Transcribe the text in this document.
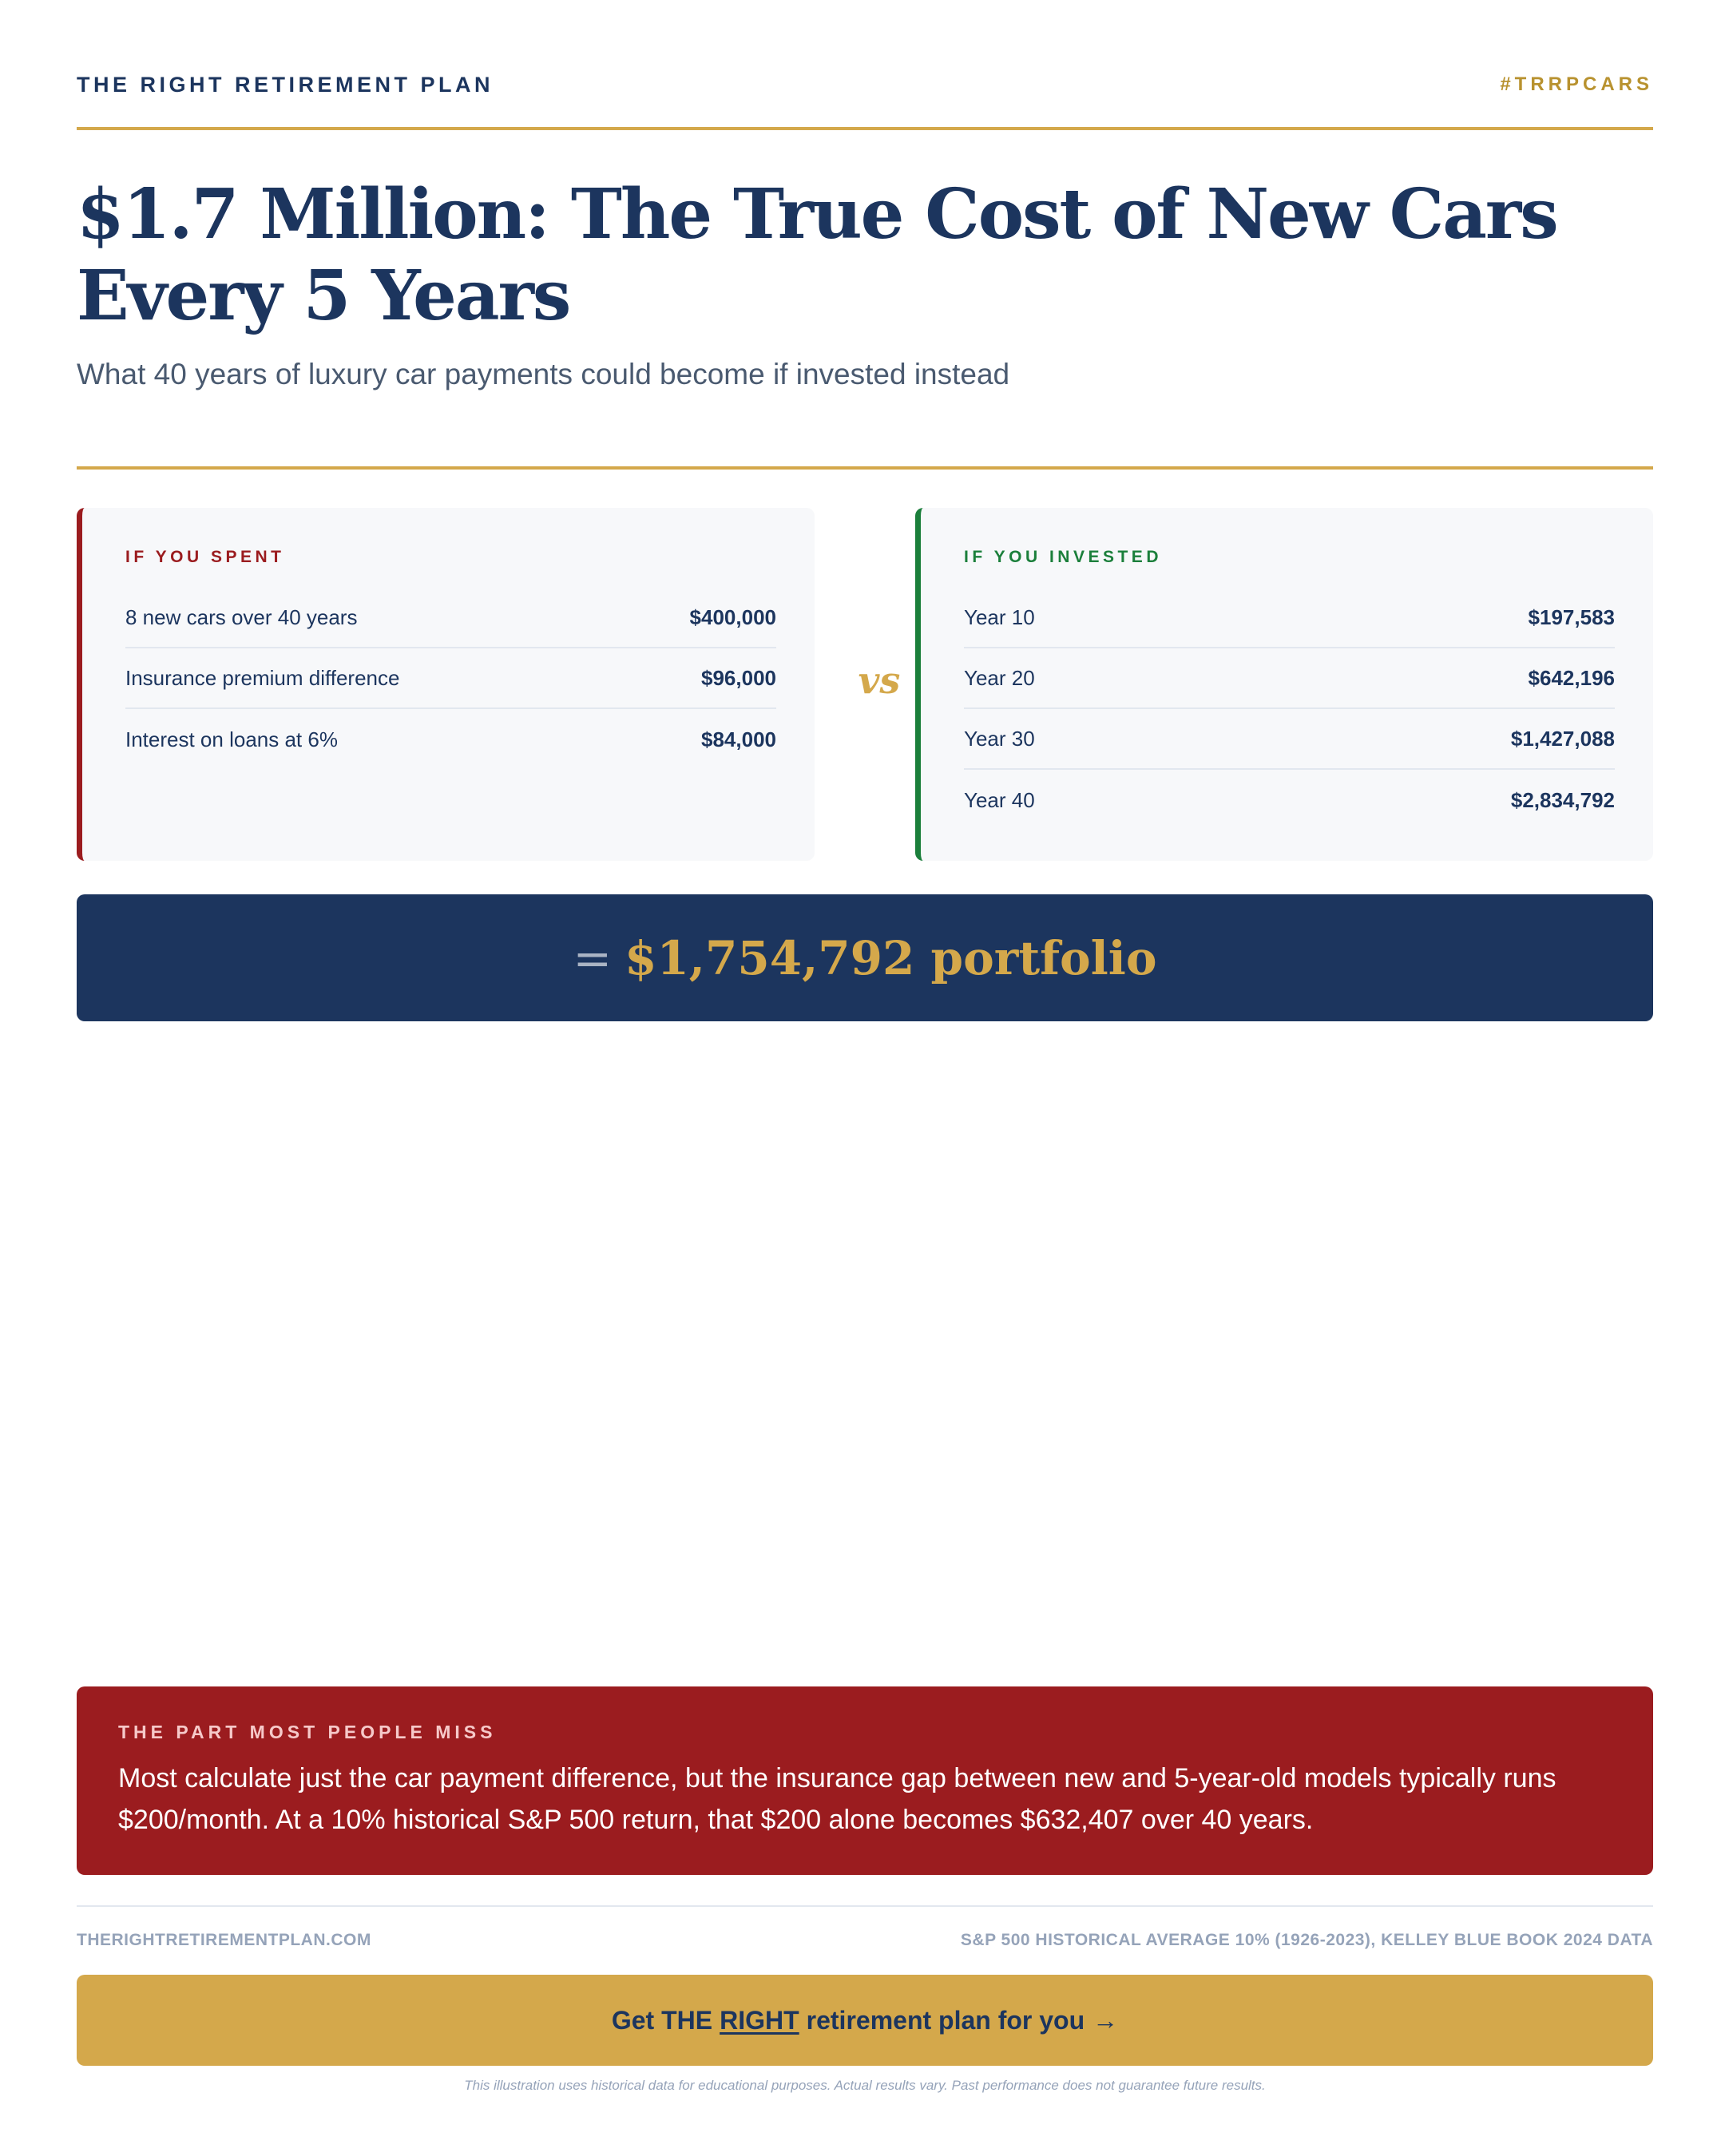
THE RIGHT RETIREMENT PLAN	#TRRPCARS
$1.7 Million: The True Cost of New Cars Every 5 Years

What 40 years of luxury car payments could become if invested instead

IF YOU SPENT
8 new cars over 40 years	$400,000
Insurance premium difference	$96,000
Interest on loans at 6%	$84,000
vs
IF YOU INVESTED
Year 10	$197,583
Year 20	$642,196
Year 30	$1,427,088
Year 40	$2,834,792
= $1,754,792 portfolio
THE PART MOST PEOPLE MISS

Most calculate just the car payment difference, but the insurance gap between new and 5-year-old models typically runs $200/month. At a 10% historical S&P 500 return, that $200 alone becomes $632,407 over 40 years.

THERIGHTRETIREMENTPLAN.COM	S&P 500 HISTORICAL AVERAGE 10% (1926-2023), KELLEY BLUE BOOK 2024 DATA
Get THE RIGHT retirement plan for you →

This illustration uses historical data for educational purposes. Actual results vary. Past performance does not guarantee future results.
